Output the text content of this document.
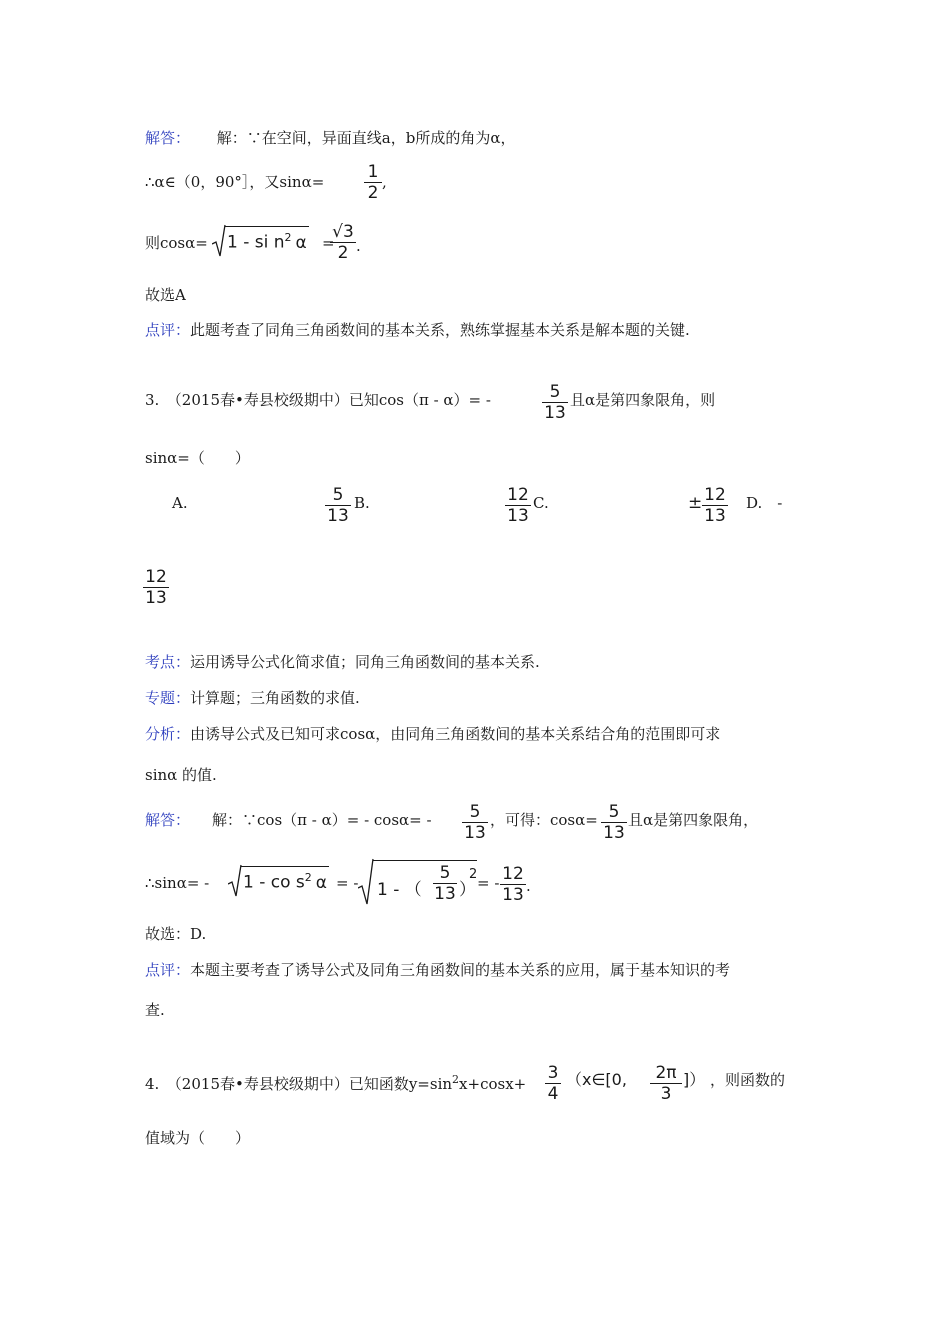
解答： 解：∵在空间，异面直线a，b所成的角为α，
∴α∈（0，90°］，又sinα=	1
2
,
则cosα= 1 - si $n^2$ α =
√3
2 .
故选A
点评：此题考查了同角三角函数间的基本关系，熟练掌握基本关系是解本题的关键.
3.　（2015春•寿县校级期中）已知cos（π - α）= -	5
13
且α是第四象限角，则
sinα=（　　）
A.	5
13
B.	12
13
C.	± 12
13
D.　-
12
13
考点：运用诱导公式化简求值；同角三角函数间的基本关系.
专题：计算题；三角函数的求值.
分析：由诱导公式及已知可求cosα，由同角三角函数间的基本关系结合角的范围即可求
sinα 的值.
解答： 解：∵cos（π - α）= - cosα= -	5
13
，可得：cosα= 5
13
且α是第四象限角，
∴sinα= - 1 - co $s^2$ α = - 1 - （
5
13 ）
2 = - 12
13 .
故选：D.
点评：本题主要考查了诱导公式及同角三角函数间的基本关系的应用，属于基本知识的考
查.
4.　（2015春•寿县校级期中）已知函数$y=\sin^2x+\cos x+$
3
4
（x∈[0,	2π
3
]） ，则函数的
值域为（　　）
